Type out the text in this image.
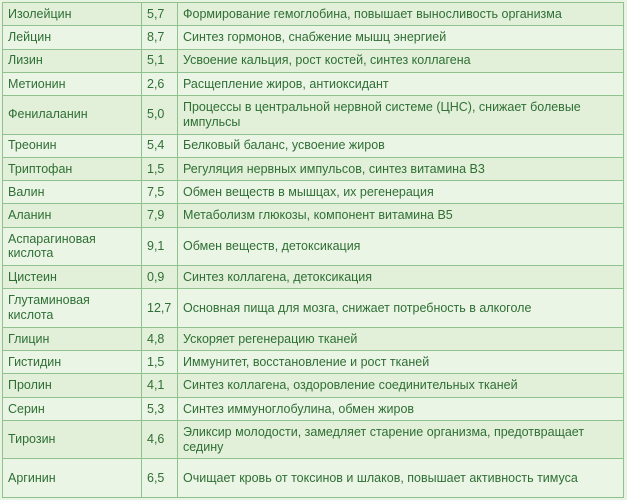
Изолейцин	5,7	Формирование гемоглобина, повышает выносливость организма
Лейцин	8,7	Синтез гормонов, снабжение мышц энергией
Лизин	5,1	Усвоение кальция, рост костей, синтез коллагена
Метионин	2,6	Расщепление жиров, антиоксидант
Фенилаланин	5,0	Процессы в центральной нервной системе (ЦНС), снижает болевые импульсы
Треонин	5,4	Белковый баланс, усвоение жиров
Триптофан	1,5	Регуляция нервных импульсов, синтез витамина В3
Валин	7,5	Обмен веществ в мышцах, их регенерация
Аланин	7,9	Метаболизм глюкозы, компонент витамина В5
Аспарагиновая кислота	9,1	Обмен веществ, детоксикация
Цистеин	0,9	Синтез коллагена, детоксикация
Глутаминовая кислота	12,7	Основная пища для мозга, снижает потребность в алкоголе
Глицин	4,8	Ускоряет регенерацию тканей
Гистидин	1,5	Иммунитет, восстановление и рост тканей
Пролин	4,1	Синтез коллагена, оздоровление соединительных тканей
Серин	5,3	Синтез иммуноглобулина, обмен жиров
Тирозин	4,6	Эликсир молодости, замедляет старение организма, предотвращает седину
Аргинин	6,5	Очищает кровь от токсинов и шлаков, повышает активность тимуса
